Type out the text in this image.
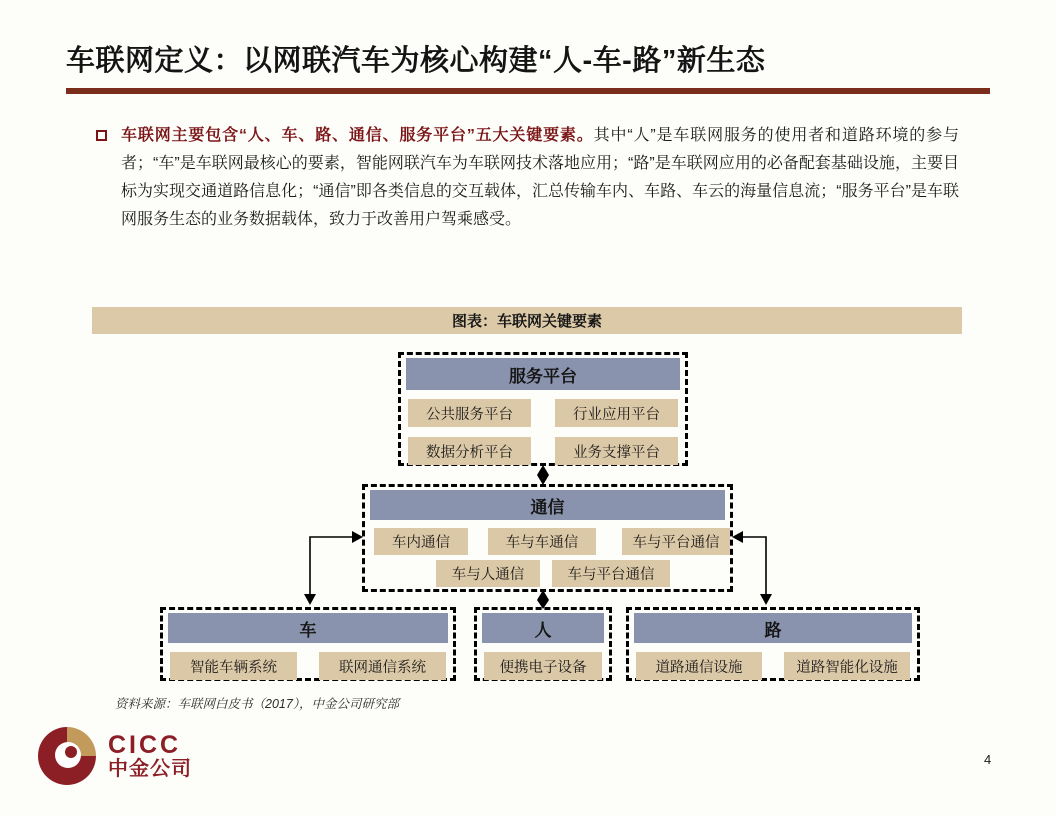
车联网定义：以网联汽车为核心构建“人-车-路”新生态
车联网主要包含“人、车、路、通信、服务平台”五大关键要素。其中“人”是车联网服务的使用者和道路环境的参与者；“车”是车联网最核心的要素，智能网联汽车为车联网技术落地应用；“路”是车联网应用的必备配套基础设施，主要目标为实现交通道路信息化；“通信”即各类信息的交互载体，汇总传输车内、车路、车云的海量信息流；“服务平台”是车联网服务生态的业务数据载体，致力于改善用户驾乘感受。
图表：车联网关键要素
服务平台
公共服务平台	行业应用平台
数据分析平台	业务支撑平台
通信
车内通信	车与车通信	车与平台通信
车与人通信	车与平台通信
车
智能车辆系统	联网通信系统
人
便携电子设备
路
道路通信设施	道路智能化设施
资料来源：车联网白皮书（2017），中金公司研究部
CICC
中金公司	4
